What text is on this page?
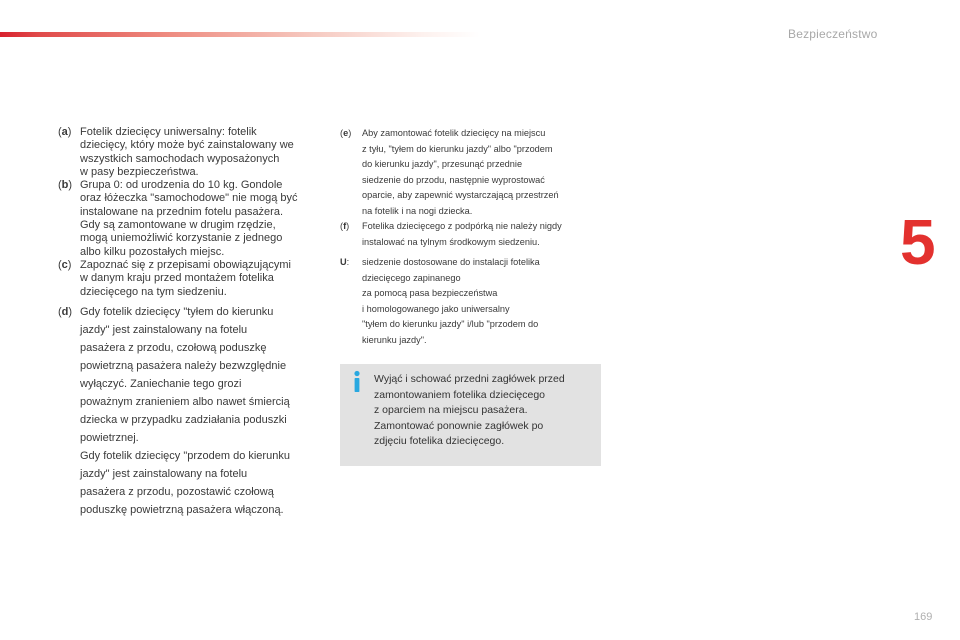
Bezpieczeństwo
5
(a) Fotelik dziecięcy uniwersalny: fotelik
dziecięcy, który może być zainstalowany we
wszystkich samochodach wyposażonych
w pasy bezpieczeństwa.
(b) Grupa 0: od urodzenia do 10 kg. Gondole
oraz łóżeczka "samochodowe" nie mogą być
instalowane na przednim fotelu pasażera.
Gdy są zamontowane w drugim rzędzie,
mogą uniemożliwić korzystanie z jednego
albo kilku pozostałych miejsc.
(c) Zapoznać się z przepisami obowiązującymi
w danym kraju przed montażem fotelika
dziecięcego na tym siedzeniu.
(d) Gdy fotelik dziecięcy "tyłem do kierunku
jazdy" jest zainstalowany na fotelu
pasażera z przodu, czołową poduszkę
powietrzną pasażera należy bezwzględnie
wyłączyć. Zaniechanie tego grozi
poważnym zranieniem albo nawet śmiercią
dziecka w przypadku zadziałania poduszki
powietrznej.
Gdy fotelik dziecięcy "przodem do kierunku
jazdy" jest zainstalowany na fotelu
pasażera z przodu, pozostawić czołową
poduszkę powietrzną pasażera włączoną.
(e)	Aby zamontować fotelik dziecięcy na miejscu
z tyłu, "tyłem do kierunku jazdy" albo "przodem
do kierunku jazdy", przesunąć przednie
siedzenie do przodu, następnie wyprostować
oparcie, aby zapewnić wystarczającą przestrzeń
na fotelik i na nogi dziecka.
(f)	Fotelika dziecięcego z podpórką nie należy nigdy
instalować na tylnym środkowym siedzeniu.
U:	siedzenie dostosowane do instalacji fotelika
dziecięcego zapinanego
za pomocą pasa bezpieczeństwa
i homologowanego jako uniwersalny
"tyłem do kierunku jazdy" i/lub "przodem do
kierunku jazdy".
Wyjąć i schować przedni zagłówek przed
zamontowaniem fotelika dziecięcego
z oparciem na miejscu pasażera.
Zamontować ponownie zagłówek po
zdjęciu fotelika dziecięcego.
169
